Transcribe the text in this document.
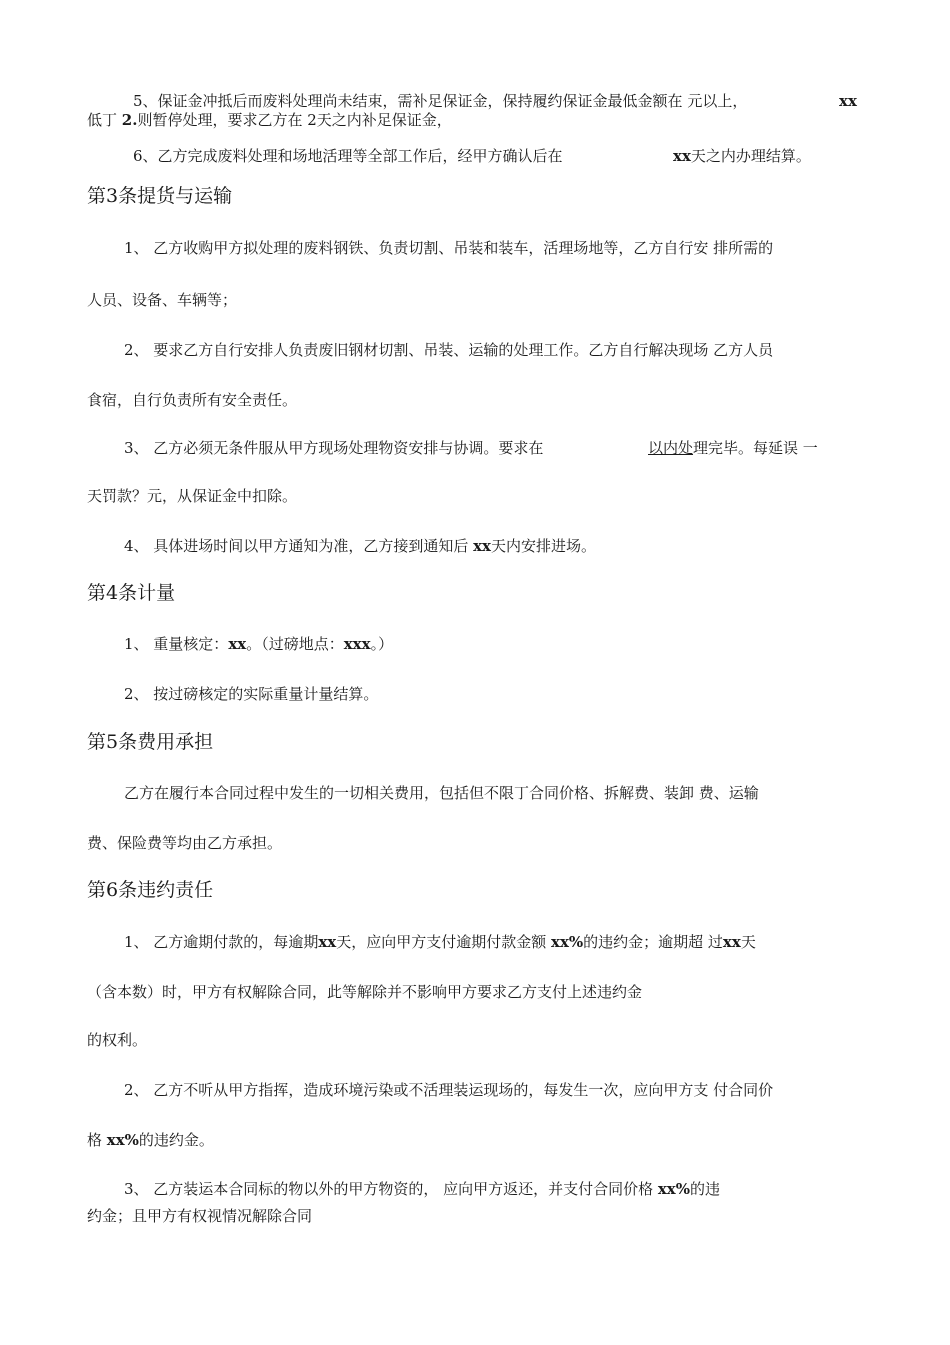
5、保证金冲抵后而废料处理尚未结束，需补足保证金，保持履约保证金最低金额在 元以上，	xx
低丁 2.则暂停处理，要求乙方在 2天之内补足保证金，
6、乙方完成废料处理和场地活理等全部工作后，经甲方确认后在	xx天之内办理结算。
第3条提货与运输
1、 乙方收购甲方拟处理的废料钢铁、负责切割、吊装和装车，活理场地等，乙方自行安 排所需的
人员、设备、车辆等；
2、 要求乙方自行安排人负责废旧钢材切割、吊装、运输的处理工作。乙方自行解决现场 乙方人员
食宿，自行负责所有安全责任。
3、 乙方必须无条件服从甲方现场处理物资安排与协调。要求在	以内处理完毕。每延误 一
天罚款？元，从保证金中扣除。
4、 具体进场时间以甲方通知为准，乙方接到通知后 xx天内安排进场。
第4条计量
1、 重量核定：xx。（过磅地点：xxx。）
2、 按过磅核定的实际重量计量结算。
第5条费用承担
乙方在履行本合同过程中发生的一切相关费用，包括但不限丁合同价格、拆解费、装卸 费、运输
费、保险费等均由乙方承担。
第6条违约责任
1、 乙方逾期付款的，每逾期xx天，应向甲方支付逾期付款金额 xx%的违约金；逾期超 过xx天
（含本数）时，甲方有权解除合同，此等解除并不影响甲方要求乙方支付上述违约金
的权利。
2、 乙方不听从甲方指挥，造成环境污染或不活理装运现场的，每发生一次，应向甲方支 付合同价
格 xx%的违约金。
3、 乙方装运本合同标的物以外的甲方物资的， 应向甲方返还，并支付合同价格 xx%的违
约金；且甲方有权视情况解除合同
